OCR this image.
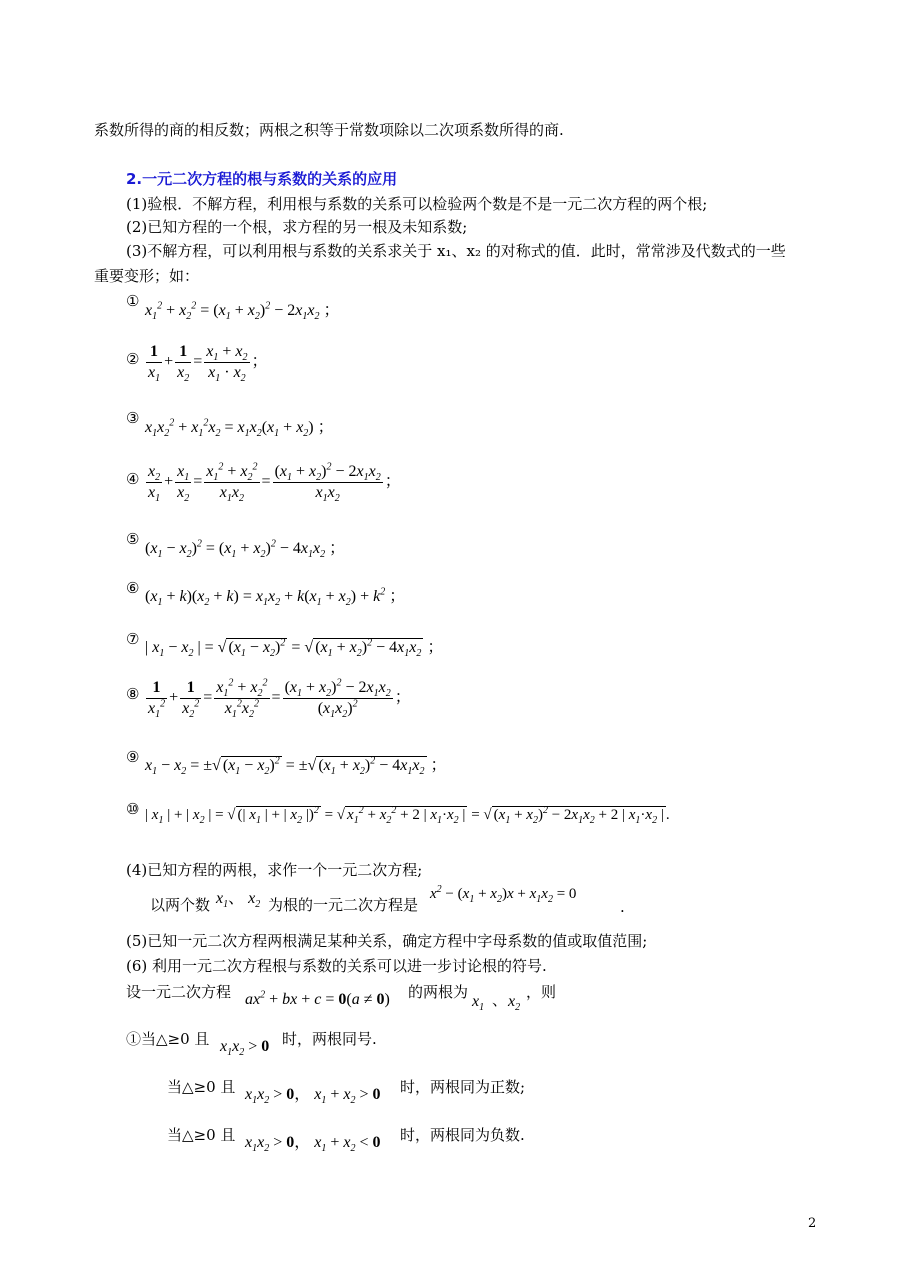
系数所得的商的相反数；两根之积等于常数项除以二次项系数所得的商.
2.一元二次方程的根与系数的关系的应用
(1)验根．不解方程，利用根与系数的关系可以检验两个数是不是一元二次方程的两个根;
(2)已知方程的一个根，求方程的另一根及未知系数;
(3)不解方程，可以利用根与系数的关系求关于 x₁、x₂ 的对称式的值．此时，常常涉及代数式的一些
重要变形；如：
①
$x_1^2 + x_2^2 = (x_1 + x_2)^2 - 2x_1x_2$ ；
② $\frac{1}{x_1} + \frac{1}{x_2} = \frac{x_1 + x_2}{x_1 \cdot x_2}$ ；
③
$x_1x_2^2 + x_1^2x_2 = x_1x_2(x_1 + x_2)$ ；
④ $\frac{x_2}{x_1} + \frac{x_1}{x_2} = \frac{x_1^2 + x_2^2}{x_1x_2} = \frac{(x_1 + x_2)^2 - 2x_1x_2}{x_1x_2}$ ；
⑤
$(x_1 - x_2)^2 = (x_1 + x_2)^2 - 4x_1x_2$ ；
⑥ $(x_1 + k)(x_2 + k) = x_1x_2 + k(x_1 + x_2) + k^2$ ；
⑦ | $x_1 - x_2$ | = √ $(x_1 - x_2)^2$ = √ $(x_1 + x_2)^2 - 4x_1x_2$ ；
⑧ $\frac{1}{x_1^2} + \frac{1}{x_2^2} = \frac{x_1^2 + x_2^2}{x_1^2x_2^2} = \frac{(x_1 + x_2)^2 - 2x_1x_2}{(x_1x_2)^2}$ ；
⑨ $x_1 - x_2$ = ±√ $(x_1 - x_2)^2$ = ±√ $(x_1 + x_2)^2 - 4x_1x_2$ ；
⑩ | $x_1$ | + | $x_2$ | = √ (| $x_1$ | + | $x_2$ |)$^2$ = √ $x_1^2 + x_2^2 + 2$ | $x_1\cdot x_2$ | = √ $(x_1 + x_2)^2 - 2x_1x_2 + 2$ | $x_1\cdot x_2$ | .
(4)已知方程的两根，求作一个一元二次方程;
以两个数 $x_1$、 $x_2$ 为根的一元二次方程是
$x^2 - (x_1 + x_2)x + x_1x_2 = 0$
.
(5)已知一元二次方程两根满足某种关系，确定方程中字母系数的值或取值范围;
(6) 利用一元二次方程根与系数的关系可以进一步讨论根的符号.
设一元二次方程 $ax^2$ + bx + c = 0(a ≠ 0) 的两根为
$x_1$ 、 $x_2$
，则
①当△≥0 且 $x_1x_2 > 0$ 时，两根同号.
当△≥0 且 $x_1x_2 > 0$， $x_1 + x_2 > 0$ 时，两根同为正数;
当△≥0 且 $x_1x_2 > 0$， $x_1 + x_2 < 0$ 时，两根同为负数.
2
